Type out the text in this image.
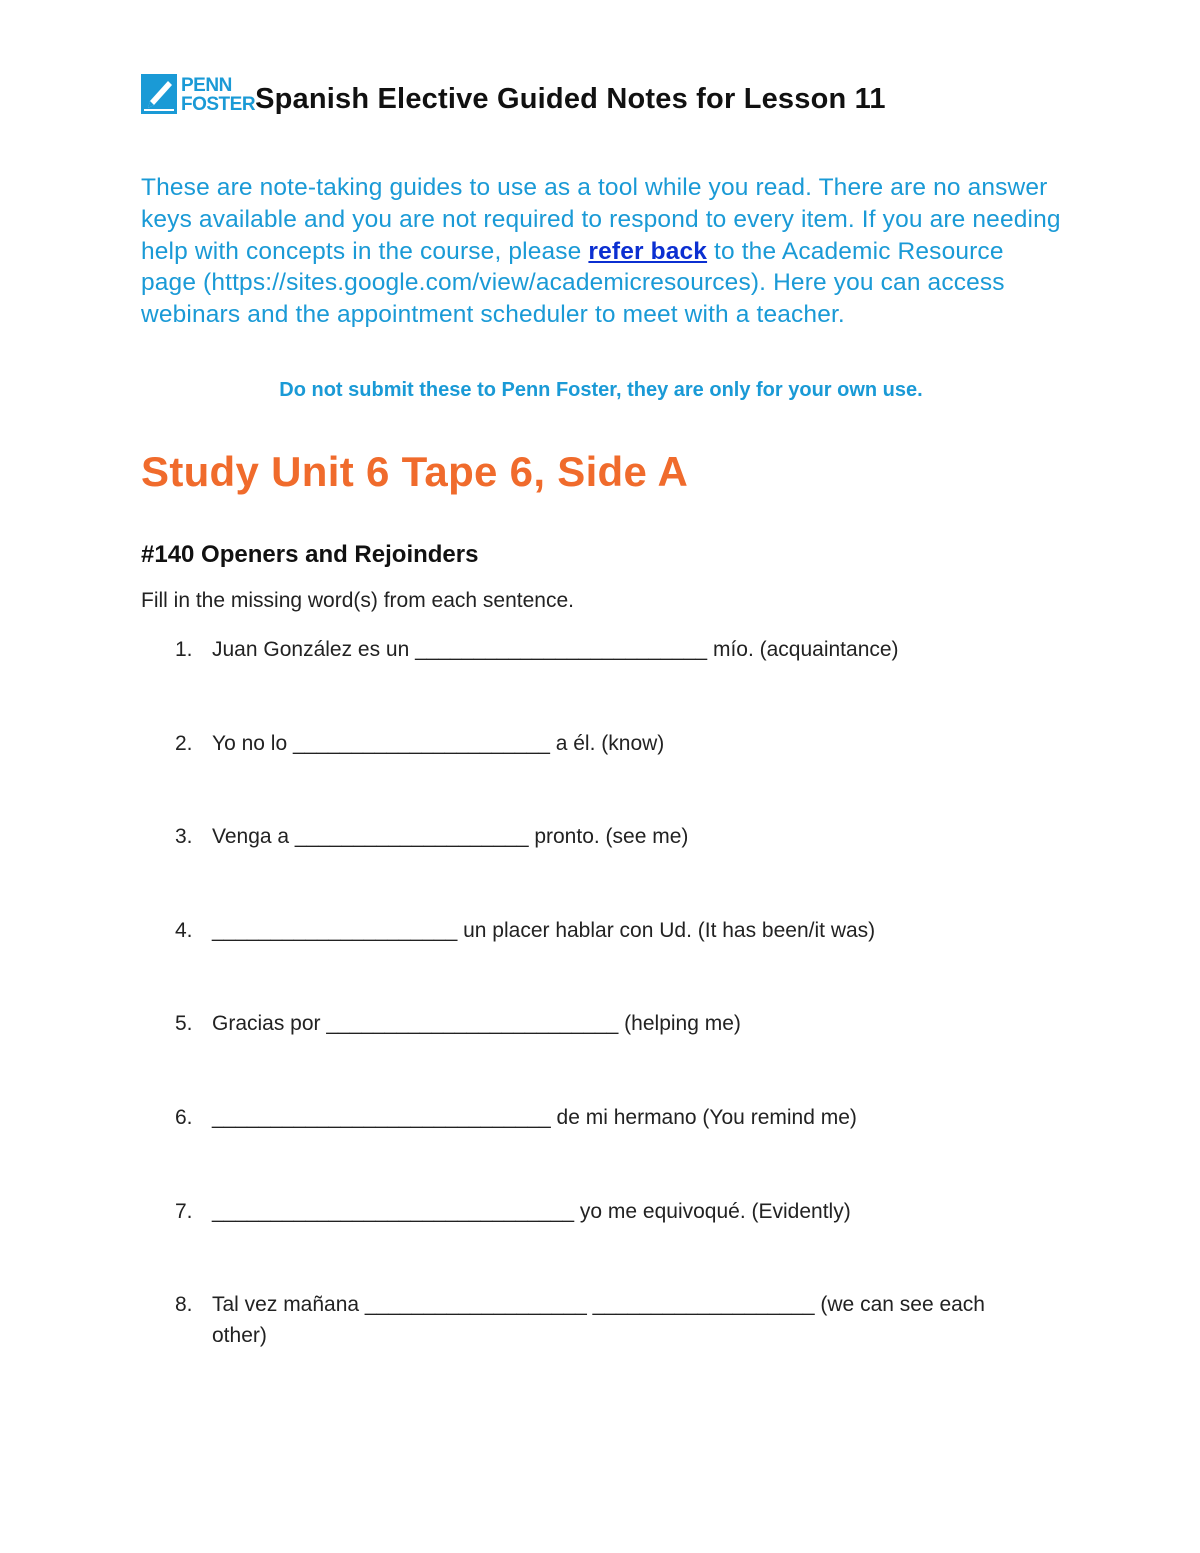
PENN
FOSTER Spanish Elective Guided Notes for Lesson 11

These are note-taking guides to use as a tool while you read. There are no answer keys available and you are not required to respond to every item. If you are needing help with concepts in the course, please refer back to the Academic Resource page (https://sites.google.com/view/academicresources). Here you can access webinars and the appointment scheduler to meet with a teacher.

Do not submit these to Penn Foster, they are only for your own use.
Study Unit 6 Tape 6, Side A
#140 Openers and Rejoinders
Fill in the missing word(s) from each sentence.
1. Juan González es un _________________________ mío. (acquaintance)
2. Yo no lo ______________________ a él. (know)
3. Venga a ____________________ pronto. (see me)
4. _____________________ un placer hablar con Ud. (It has been/it was)
5. Gracias por _________________________ (helping me)
6. _____________________________ de mi hermano (You remind me)
7. _______________________________ yo me equivoqué. (Evidently)
8. Tal vez mañana ___________________ ___________________ (we can see each other)
